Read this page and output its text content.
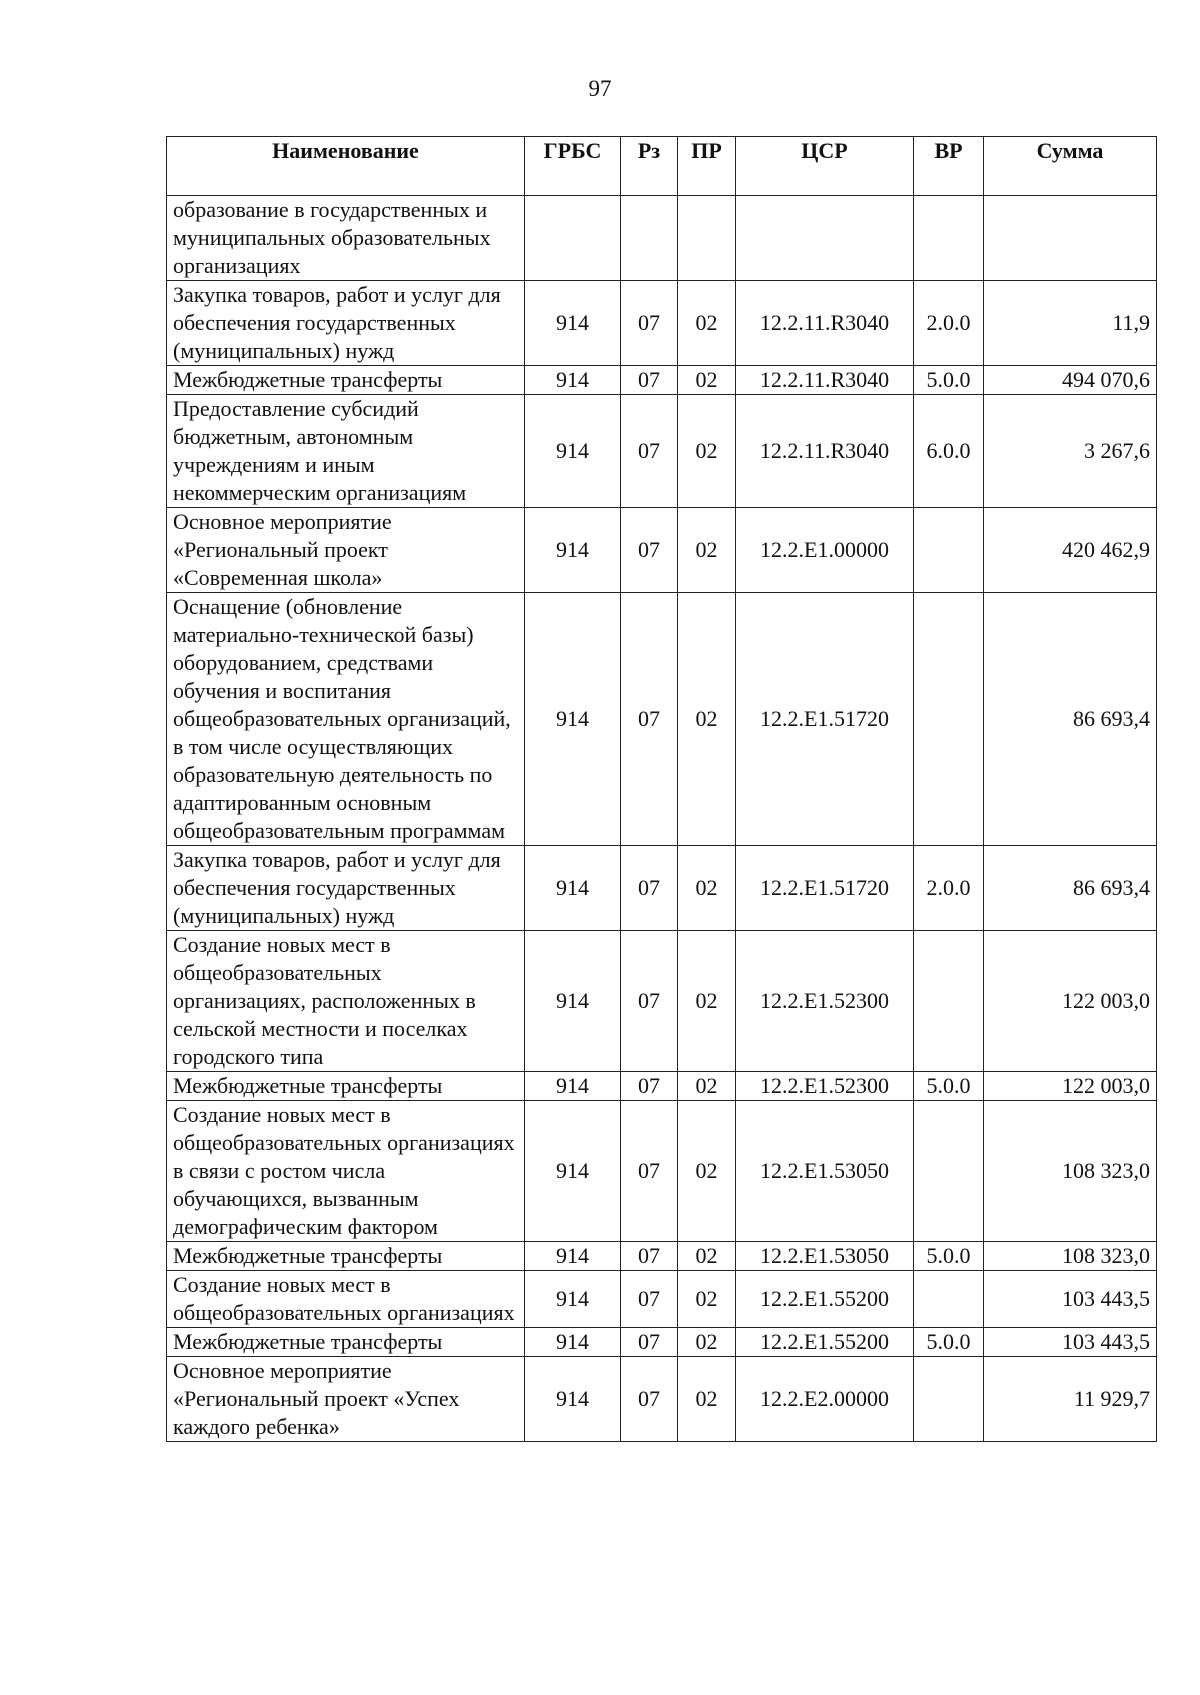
97
Наименование	ГРБС	Рз	ПР	ЦСР	ВР	Сумма
образование в государственных и муниципальных образовательных организациях						
Закупка товаров, работ и услуг для обеспечения государственных (муниципальных) нужд	914	07	02	12.2.11.R3040	2.0.0	11,9
Межбюджетные трансферты	914	07	02	12.2.11.R3040	5.0.0	494 070,6
Предоставление субсидий бюджетным, автономным учреждениям и иным некоммерческим организациям	914	07	02	12.2.11.R3040	6.0.0	3 267,6
Основное мероприятие «Региональный проект «Современная школа»	914	07	02	12.2.E1.00000		420 462,9
Оснащение (обновление материально-технической базы) оборудованием, средствами обучения и воспитания общеобразовательных организаций, в том числе осуществляющих образовательную деятельность по адаптированным основным общеобразовательным программам	914	07	02	12.2.E1.51720		86 693,4
Закупка товаров, работ и услуг для обеспечения государственных (муниципальных) нужд	914	07	02	12.2.E1.51720	2.0.0	86 693,4
Создание новых мест в общеобразовательных организациях, расположенных в сельской местности и поселках городского типа	914	07	02	12.2.E1.52300		122 003,0
Межбюджетные трансферты	914	07	02	12.2.E1.52300	5.0.0	122 003,0
Создание новых мест в общеобразовательных организациях в связи с ростом числа обучающихся, вызванным демографическим фактором	914	07	02	12.2.E1.53050		108 323,0
Межбюджетные трансферты	914	07	02	12.2.E1.53050	5.0.0	108 323,0
Создание новых мест в общеобразовательных организациях	914	07	02	12.2.E1.55200		103 443,5
Межбюджетные трансферты	914	07	02	12.2.E1.55200	5.0.0	103 443,5
Основное мероприятие «Региональный проект «Успех каждого ребенка»	914	07	02	12.2.E2.00000		11 929,7
